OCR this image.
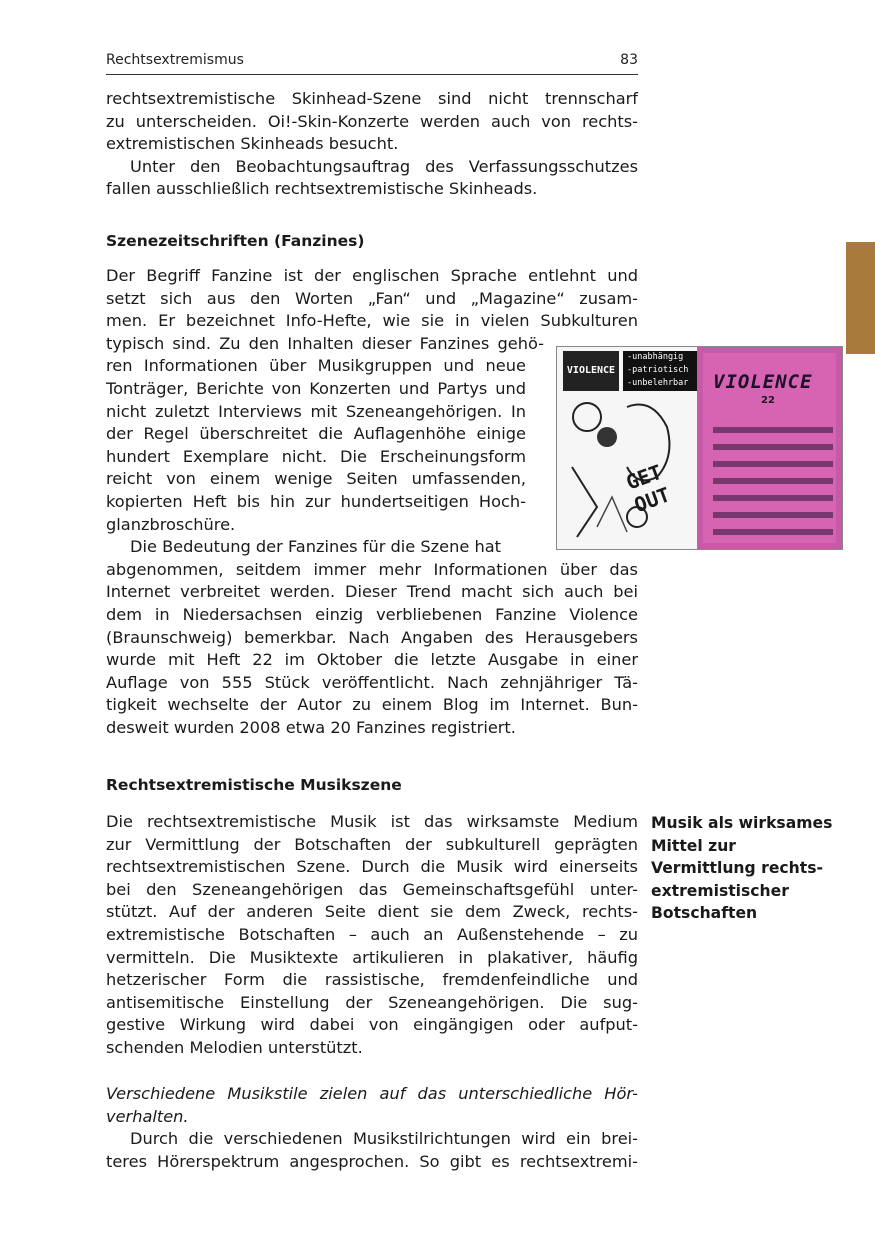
Rechtsextremismus	83
rechtsextremistische Skinhead-Szene sind nicht trennscharf
zu unterscheiden. Oi!-Skin-Konzerte werden auch von rechts-
extremistischen Skinheads besucht.
Unter den Beobachtungsauftrag des Verfassungsschutzes
fallen ausschließlich rechtsextremistische Skinheads.
Szenezeitschriften (Fanzines)
Der Begriff Fanzine ist der englischen Sprache entlehnt und
setzt sich aus den Worten „Fan“ und „Magazine“ zusam-
men. Er bezeichnet Info-Hefte, wie sie in vielen Subkulturen
typisch sind. Zu den Inhalten dieser Fanzines gehö-
ren Informationen über Musikgruppen und neue
Tonträger, Berichte von Konzerten und Partys und
nicht zuletzt Interviews mit Szeneangehörigen. In
der Regel überschreitet die Auflagenhöhe einige
hundert Exemplare nicht. Die Erscheinungsform
reicht von einem wenige Seiten umfassenden,
kopierten Heft bis hin zur hundertseitigen Hoch-
glanzbroschüre.
Die Bedeutung der Fanzines für die Szene hat
abgenommen, seitdem immer mehr Informationen über das
Internet verbreitet werden. Dieser Trend macht sich auch bei
dem in Niedersachsen einzig verbliebenen Fanzine Violence
(Braunschweig) bemerkbar. Nach Angaben des Herausgebers
wurde mit Heft 22 im Oktober die letzte Ausgabe in einer
Auflage von 555 Stück veröffentlicht. Nach zehnjähriger Tä-
tigkeit wechselte der Autor zu einem Blog im Internet. Bun-
desweit wurden 2008 etwa 20 Fanzines registriert.
VIOLENCE
-unabhängig
-patriotisch
-unbelehrbar
GET OUT
VIOLENCE
22
Rechtsextremistische Musikszene
Die rechtsextremistische Musik ist das wirksamste Medium
zur Vermittlung der Botschaften der subkulturell geprägten
rechtsextremistischen Szene. Durch die Musik wird einerseits
bei den Szeneangehörigen das Gemeinschaftsgefühl unter-
stützt. Auf der anderen Seite dient sie dem Zweck, rechts-
extremistische Botschaften – auch an Außenstehende – zu
vermitteln. Die Musiktexte artikulieren in plakativer, häufig
hetzerischer Form die rassistische, fremdenfeindliche und
antisemitische Einstellung der Szeneangehörigen. Die sug-
gestive Wirkung wird dabei von eingängigen oder aufput-
schenden Melodien unterstützt.
Musik als wirksames
Mittel zur
Vermittlung rechts-
extremistischer
Botschaften
Verschiedene Musikstile zielen auf das unterschiedliche Hör-
verhalten.
Durch die verschiedenen Musikstilrichtungen wird ein brei-
teres Hörerspektrum angesprochen. So gibt es rechtsextremi-
